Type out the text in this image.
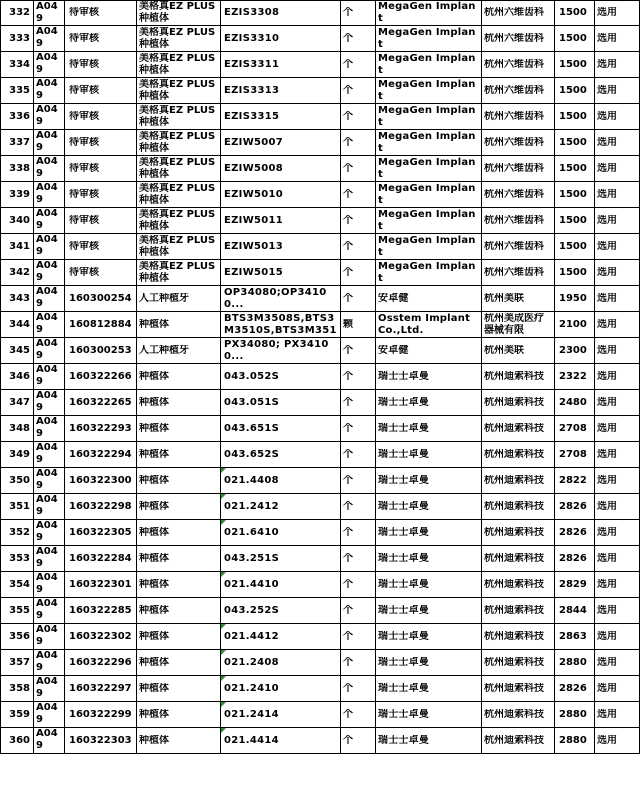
332	A049	待审核	美格真EZ PLUS种植体	EZIS3308	个	MegaGen Implant	杭州六维齿科	1500	选用

333	A049	待审核	美格真EZ PLUS种植体	EZIS3310	个	MegaGen Implant	杭州六维齿科	1500	选用

334	A049	待审核	美格真EZ PLUS种植体	EZIS3311	个	MegaGen Implant	杭州六维齿科	1500	选用

335	A049	待审核	美格真EZ PLUS种植体	EZIS3313	个	MegaGen Implant	杭州六维齿科	1500	选用

336	A049	待审核	美格真EZ PLUS种植体	EZIS3315	个	MegaGen Implant	杭州六维齿科	1500	选用

337	A049	待审核	美格真EZ PLUS种植体	EZIW5007	个	MegaGen Implant	杭州六维齿科	1500	选用

338	A049	待审核	美格真EZ PLUS种植体	EZIW5008	个	MegaGen Implant	杭州六维齿科	1500	选用

339	A049	待审核	美格真EZ PLUS种植体	EZIW5010	个	MegaGen Implant	杭州六维齿科	1500	选用

340	A049	待审核	美格真EZ PLUS种植体	EZIW5011	个	MegaGen Implant	杭州六维齿科	1500	选用

341	A049	待审核	美格真EZ PLUS种植体	EZIW5013	个	MegaGen Implant	杭州六维齿科	1500	选用

342	A049	待审核	美格真EZ PLUS种植体	EZIW5015	个	MegaGen Implant	杭州六维齿科	1500	选用

343	A049	160300254	人工种植牙	OP34080;OP34100...	个	安卓健	杭州美联	1950	选用

344	A049	160812884	种植体	BTS3M3508S,BTS3M3510S,BTS3M351	颗	Osstem Implant Co.,Ltd.	杭州美成医疗器械有限	2100	选用

345	A049	160300253	人工种植牙	PX34080; PX34100...	个	安卓健	杭州美联	2300	选用

346	A049	160322266	种植体	043.052S	个	瑞士士卓曼	杭州迪索科技	2322	选用

347	A049	160322265	种植体	043.051S	个	瑞士士卓曼	杭州迪索科技	2480	选用

348	A049	160322293	种植体	043.651S	个	瑞士士卓曼	杭州迪索科技	2708	选用

349	A049	160322294	种植体	043.652S	个	瑞士士卓曼	杭州迪索科技	2708	选用

350	A049	160322300	种植体	021.4408	个	瑞士士卓曼	杭州迪索科技	2822	选用

351	A049	160322298	种植体	021.2412	个	瑞士士卓曼	杭州迪索科技	2826	选用

352	A049	160322305	种植体	021.6410	个	瑞士士卓曼	杭州迪索科技	2826	选用

353	A049	160322284	种植体	043.251S	个	瑞士士卓曼	杭州迪索科技	2826	选用

354	A049	160322301	种植体	021.4410	个	瑞士士卓曼	杭州迪索科技	2829	选用

355	A049	160322285	种植体	043.252S	个	瑞士士卓曼	杭州迪索科技	2844	选用

356	A049	160322302	种植体	021.4412	个	瑞士士卓曼	杭州迪索科技	2863	选用

357	A049	160322296	种植体	021.2408	个	瑞士士卓曼	杭州迪索科技	2880	选用

358	A049	160322297	种植体	021.2410	个	瑞士士卓曼	杭州迪索科技	2826	选用

359	A049	160322299	种植体	021.2414	个	瑞士士卓曼	杭州迪索科技	2880	选用

360	A049	160322303	种植体	021.4414	个	瑞士士卓曼	杭州迪索科技	2880	选用
